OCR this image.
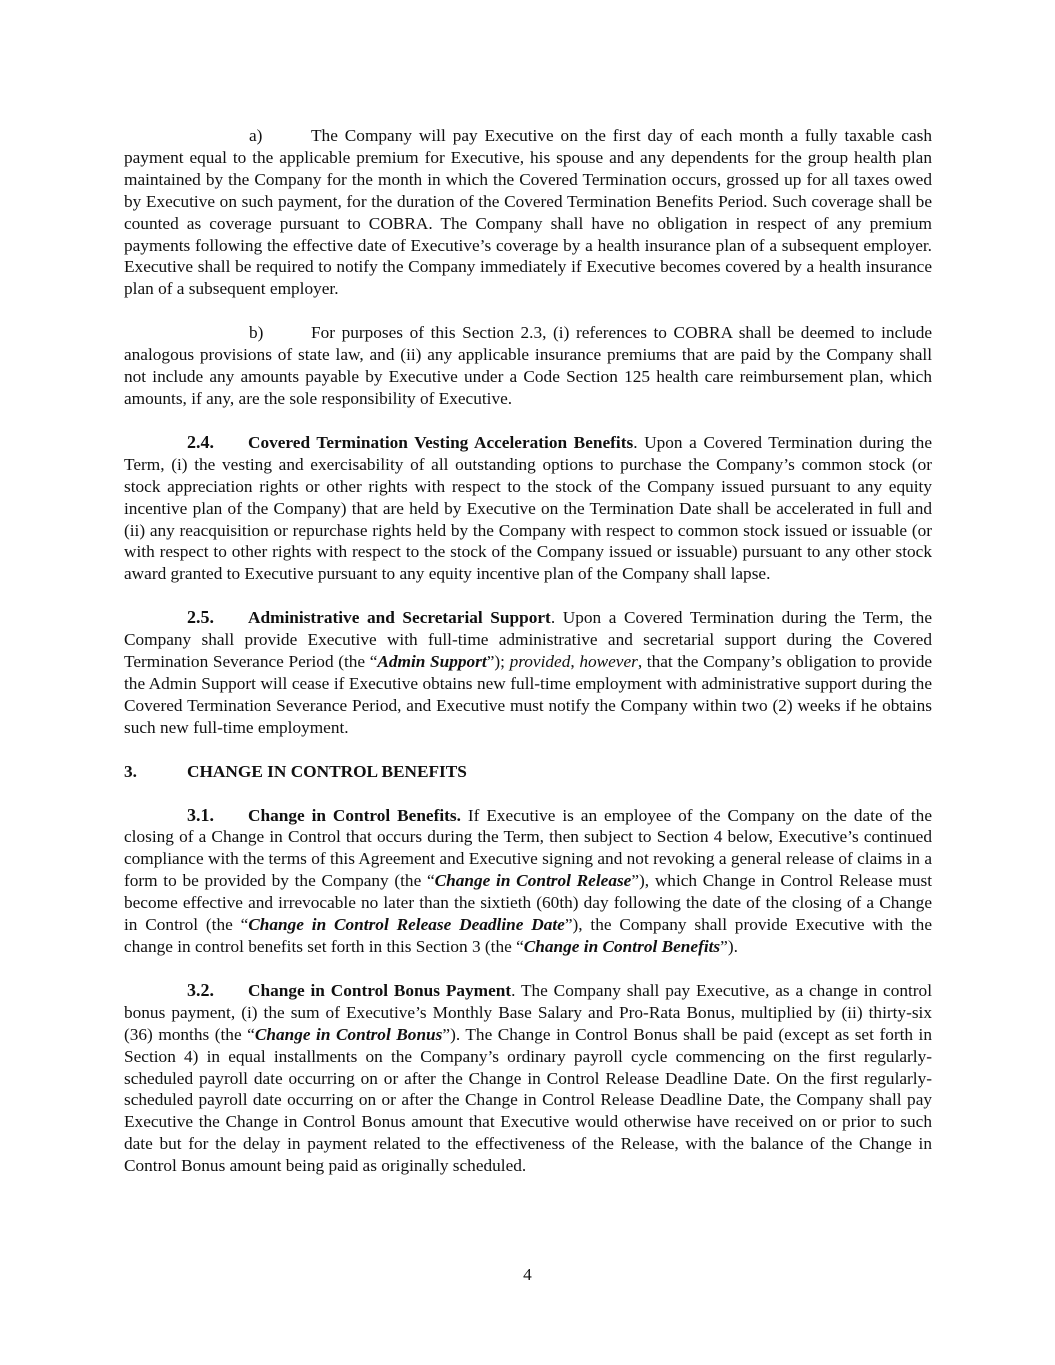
a)	The Company will pay Executive on the first day of each month a fully taxable cash payment equal to the applicable premium for Executive, his spouse and any dependents for the group health plan maintained by the Company for the month in which the Covered Termination occurs, grossed up for all taxes owed by Executive on such payment, for the duration of the Covered Termination Benefits Period. Such coverage shall be counted as coverage pursuant to COBRA. The Company shall have no obligation in respect of any premium payments following the effective date of Executive’s coverage by a health insurance plan of a subsequent employer. Executive shall be required to notify the Company immediately if Executive becomes covered by a health insurance plan of a subsequent employer.

b)	For purposes of this Section 2.3, (i) references to COBRA shall be deemed to include analogous provisions of state law, and (ii) any applicable insurance premiums that are paid by the Company shall not include any amounts payable by Executive under a Code Section 125 health care reimbursement plan, which amounts, if any, are the sole responsibility of Executive.

2.4. Covered Termination Vesting Acceleration Benefits. Upon a Covered Termination during the Term, (i) the vesting and exercisability of all outstanding options to purchase the Company’s common stock (or stock appreciation rights or other rights with respect to the stock of the Company issued pursuant to any equity incentive plan of the Company) that are held by Executive on the Termination Date shall be accelerated in full and (ii) any reacquisition or repurchase rights held by the Company with respect to common stock issued or issuable (or with respect to other rights with respect to the stock of the Company issued or issuable) pursuant to any other stock award granted to Executive pursuant to any equity incentive plan of the Company shall lapse.

2.5. Administrative and Secretarial Support. Upon a Covered Termination during the Term, the Company shall provide Executive with full-time administrative and secretarial support during the Covered Termination Severance Period (the “Admin Support”); provided, however, that the Company’s obligation to provide the Admin Support will cease if Executive obtains new full-time employment with administrative support during the Covered Termination Severance Period, and Executive must notify the Company within two (2) weeks if he obtains such new full-time employment.

3.	CHANGE IN CONTROL BENEFITS

3.1. Change in Control Benefits. If Executive is an employee of the Company on the date of the closing of a Change in Control that occurs during the Term, then subject to Section 4 below, Executive’s continued compliance with the terms of this Agreement and Executive signing and not revoking a general release of claims in a form to be provided by the Company (the “Change in Control Release”), which Change in Control Release must become effective and irrevocable no later than the sixtieth (60th) day following the date of the closing of a Change in Control (the “Change in Control Release Deadline Date”), the Company shall provide Executive with the change in control benefits set forth in this Section 3 (the “Change in Control Benefits”).

3.2. Change in Control Bonus Payment. The Company shall pay Executive, as a change in control bonus payment, (i) the sum of Executive’s Monthly Base Salary and Pro-Rata Bonus, multiplied by (ii) thirty-six (36) months (the “Change in Control Bonus”). The Change in Control Bonus shall be paid (except as set forth in Section 4) in equal installments on the Company’s ordinary payroll cycle commencing on the first regularly-scheduled payroll date occurring on or after the Change in Control Release Deadline Date. On the first regularly- scheduled payroll date occurring on or after the Change in Control Release Deadline Date, the Company shall pay Executive the Change in Control Bonus amount that Executive would otherwise have received on or prior to such date but for the delay in payment related to the effectiveness of the Release, with the balance of the Change in Control Bonus amount being paid as originally scheduled.

4
